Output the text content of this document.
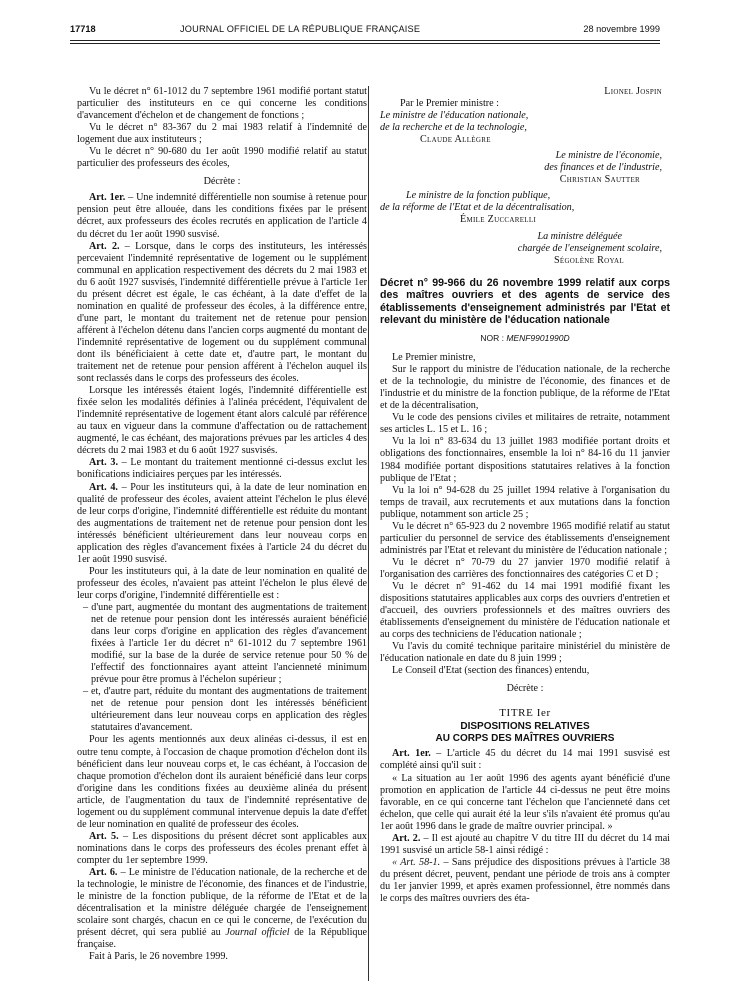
17718	JOURNAL OFFICIEL DE LA RÉPUBLIQUE FRANÇAISE	28 novembre 1999
Vu le décret n° 61-1012 du 7 septembre 1961 modifié portant statut particulier des instituteurs en ce qui concerne les conditions d'avancement d'échelon et de changement de fonctions ;
Vu le décret n° 83-367 du 2 mai 1983 relatif à l'indemnité de logement due aux instituteurs ;
Vu le décret n° 90-680 du 1er août 1990 modifié relatif au statut particulier des professeurs des écoles,
Décrète :
Art. 1er. – Une indemnité différentielle non soumise à retenue pour pension peut être allouée, dans les conditions fixées par le présent décret, aux professeurs des écoles recrutés en application de l'article 4 du décret du 1er août 1990 susvisé.
Art. 2. – Lorsque, dans le corps des instituteurs, les intéressés percevaient l'indemnité représentative de logement ou le supplément communal en application respectivement des décrets du 2 mai 1983 et du 6 août 1927 susvisés, l'indemnité différentielle prévue à l'article 1er du présent décret est égale, le cas échéant, à la date d'effet de la nomination en qualité de professeur des écoles, à la différence entre, d'une part, le montant du traitement net de retenue pour pension afférent à l'échelon détenu dans l'ancien corps augmenté du montant de l'indemnité représentative de logement ou du supplément communal dont ils bénéficiaient à cette date et, d'autre part, le montant du traitement net de retenue pour pension afférent à l'échelon auquel ils sont reclassés dans le corps des professeurs des écoles.
Lorsque les intéressés étaient logés, l'indemnité différentielle est fixée selon les modalités définies à l'alinéa précédent, l'équivalent de l'indemnité représentative de logement étant alors calculé par référence au taux en vigueur dans la commune d'affectation ou de rattachement augmenté, le cas échéant, des majorations prévues par les articles 4 des décrets du 2 mai 1983 et du 6 août 1927 susvisés.
Art. 3. – Le montant du traitement mentionné ci-dessus exclut les bonifications indiciaires perçues par les intéressés.
Art. 4. – Pour les instituteurs qui, à la date de leur nomination en qualité de professeur des écoles, avaient atteint l'échelon le plus élevé de leur corps d'origine, l'indemnité différentielle est réduite du montant des augmentations de traitement net de retenue pour pension dont les intéressés bénéficient ultérieurement dans leur nouveau corps en application des règles d'avancement fixées à l'article 24 du décret du 1er août 1990 susvisé.
Pour les instituteurs qui, à la date de leur nomination en qualité de professeur des écoles, n'avaient pas atteint l'échelon le plus élevé de leur corps d'origine, l'indemnité différentielle est :
– d'une part, augmentée du montant des augmentations de traitement net de retenue pour pension dont les intéressés auraient bénéficié dans leur corps d'origine en application des règles d'avancement fixées à l'article 1er du décret n° 61-1012 du 7 septembre 1961 modifié, sur la base de la durée de service retenue pour 50 % de l'effectif des fonctionnaires ayant atteint l'ancienneté minimum prévue pour être promus à l'échelon supérieur ;
– et, d'autre part, réduite du montant des augmentations de traitement net de retenue pour pension dont les intéressés bénéficient ultérieurement dans leur nouveau corps en application des règles statutaires d'avancement.
Pour les agents mentionnés aux deux alinéas ci-dessus, il est en outre tenu compte, à l'occasion de chaque promotion d'échelon dont ils bénéficient dans leur nouveau corps et, le cas échéant, à l'occasion de chaque promotion d'échelon dont ils auraient bénéficié dans leur corps d'origine dans les conditions fixées au deuxième alinéa du présent article, de l'augmentation du taux de l'indemnité représentative de logement ou du supplément communal intervenue depuis la date d'effet de leur nomination en qualité de professeur des écoles.
Art. 5. – Les dispositions du présent décret sont applicables aux nominations dans le corps des professeurs des écoles prenant effet à compter du 1er septembre 1999.
Art. 6. – Le ministre de l'éducation nationale, de la recherche et de la technologie, le ministre de l'économie, des finances et de l'industrie, le ministre de la fonction publique, de la réforme de l'Etat et de la décentralisation et la ministre déléguée chargée de l'enseignement scolaire sont chargés, chacun en ce qui le concerne, de l'exécution du présent décret, qui sera publié au Journal officiel de la République française.
Fait à Paris, le 26 novembre 1999.
Lionel Jospin
Par le Premier ministre :
Le ministre de l'éducation nationale,
de la recherche et de la technologie,
Claude Allègre
Le ministre de l'économie,
des finances et de l'industrie,
Christian Sautter
Le ministre de la fonction publique,
de la réforme de l'Etat et de la décentralisation,
Émile Zuccarelli
La ministre déléguée
chargée de l'enseignement scolaire,
Ségolène Royal
Décret n° 99-966 du 26 novembre 1999 relatif aux corps des maîtres ouvriers et des agents de service des établissements d'enseignement administrés par l'Etat et relevant du ministère de l'éducation nationale
NOR : MENF9901990D
Le Premier ministre,
Sur le rapport du ministre de l'éducation nationale, de la recherche et de la technologie, du ministre de l'économie, des finances et de l'industrie et du ministre de la fonction publique, de la réforme de l'Etat et de la décentralisation,
Vu le code des pensions civiles et militaires de retraite, notamment ses articles L. 15 et L. 16 ;
Vu la loi n° 83-634 du 13 juillet 1983 modifiée portant droits et obligations des fonctionnaires, ensemble la loi n° 84-16 du 11 janvier 1984 modifiée portant dispositions statutaires relatives à la fonction publique de l'Etat ;
Vu la loi n° 94-628 du 25 juillet 1994 relative à l'organisation du temps de travail, aux recrutements et aux mutations dans la fonction publique, notamment son article 25 ;
Vu le décret n° 65-923 du 2 novembre 1965 modifié relatif au statut particulier du personnel de service des établissements d'enseignement administrés par l'Etat et relevant du ministère de l'éducation nationale ;
Vu le décret n° 70-79 du 27 janvier 1970 modifié relatif à l'organisation des carrières des fonctionnaires des catégories C et D ;
Vu le décret n° 91-462 du 14 mai 1991 modifié fixant les dispositions statutaires applicables aux corps des ouvriers d'entretien et d'accueil, des ouvriers professionnels et des maîtres ouvriers des établissements d'enseignement du ministère de l'éducation nationale et au corps des techniciens de l'éducation nationale ;
Vu l'avis du comité technique paritaire ministériel du ministère de l'éducation nationale en date du 8 juin 1999 ;
Le Conseil d'Etat (section des finances) entendu,
Décrète :
TITRE Ier
DISPOSITIONS RELATIVES
AU CORPS DES MAÎTRES OUVRIERS
Art. 1er. – L'article 45 du décret du 14 mai 1991 susvisé est complété ainsi qu'il suit :
« La situation au 1er août 1996 des agents ayant bénéficié d'une promotion en application de l'article 44 ci-dessus ne peut être moins favorable, en ce qui concerne tant l'échelon que l'ancienneté dans cet échelon, que celle qui aurait été la leur s'ils n'avaient été promus qu'au 1er août 1996 dans le grade de maître ouvrier principal. »
Art. 2. – Il est ajouté au chapitre V du titre III du décret du 14 mai 1991 susvisé un article 58-1 ainsi rédigé :
« Art. 58-1. – Sans préjudice des dispositions prévues à l'article 38 du présent décret, peuvent, pendant une période de trois ans à compter du 1er janvier 1999, et après examen professionnel, être nommés dans le corps des maîtres ouvriers des éta-
